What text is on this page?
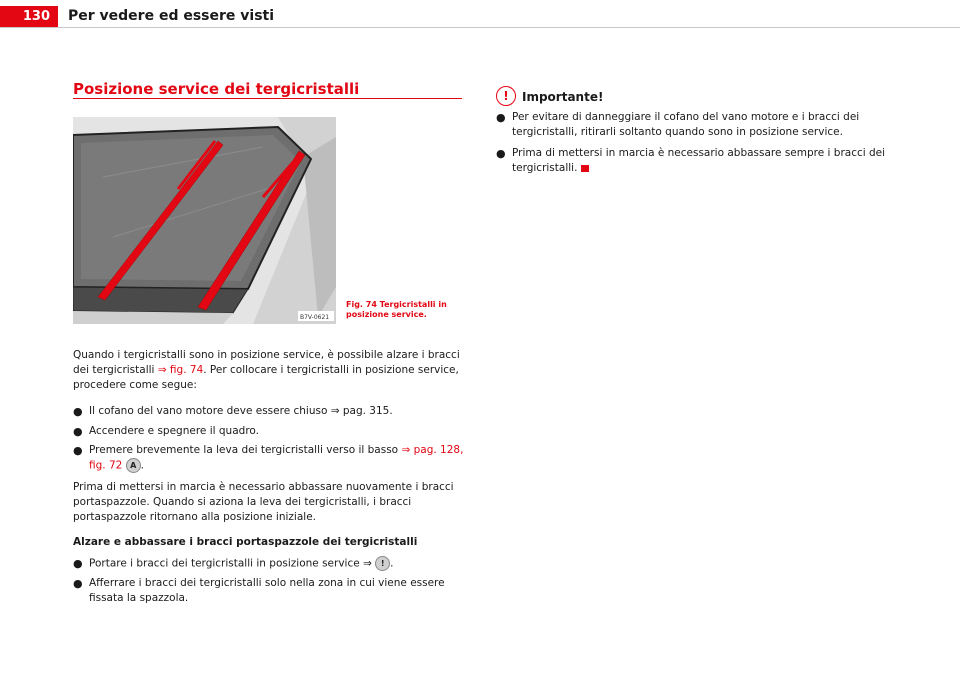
130	Per vedere ed essere visti
Posizione service dei tergicristalli
B7V-0621
Fig. 74 Tergicristalli in posizione service.

Quando i tergicristalli sono in posizione service, è possibile alzare i bracci dei tergicristalli ⇒ fig. 74. Per collocare i tergicristalli in posizione service, procedere come segue:

● Il cofano del vano motore deve essere chiuso ⇒ pag. 315.
● Accendere e spegnere il quadro.
● Premere brevemente la leva dei tergicristalli verso il basso ⇒ pag. 128, fig. 72 A .
Prima di mettersi in marcia è necessario abbassare nuovamente i bracci portaspazzole. Quando si aziona la leva dei tergicristalli, i bracci portaspazzole ritornano alla posizione iniziale.
Alzare e abbassare i bracci portaspazzole dei tergicristalli
● Portare i bracci dei tergicristalli in posizione service ⇒ ! .
● Afferrare i bracci dei tergicristalli solo nella zona in cui viene essere fissata la spazzola.
!	Importante!
● Per evitare di danneggiare il cofano del vano motore e i bracci dei tergicristalli, ritirarli soltanto quando sono in posizione service.
● Prima di mettersi in marcia è necessario abbassare sempre i bracci dei tergicristalli.
